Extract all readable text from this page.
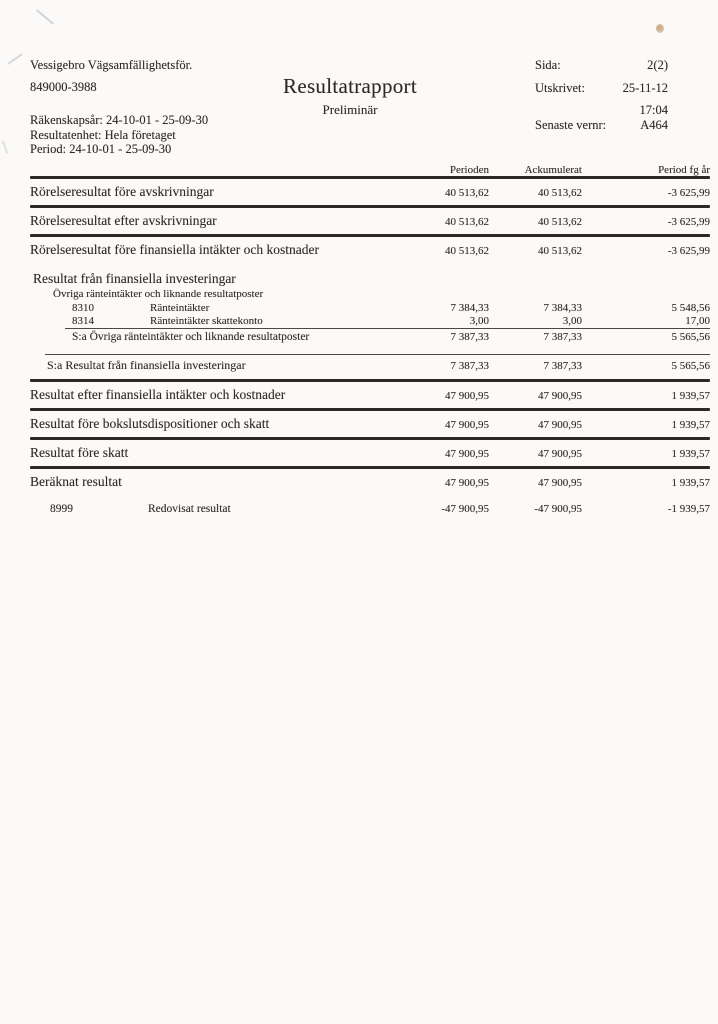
Vessigebro Vägsamfällighetsför.
849000-3988
Räkenskapsår: 24-10-01 - 25-09-30
Resultatenhet: Hela företaget
Period: 24-10-01 - 25-09-30
Resultatrapport
Preliminär
Sida:	2(2)
Utskrivet:	25-11-12
17:04
Senaste vernr:	A464
Perioden	Ackumulerat	Period fg år
Rörelseresultat före avskrivningar	40 513,62	40 513,62	-3 625,99
Rörelseresultat efter avskrivningar	40 513,62	40 513,62	-3 625,99
Rörelseresultat före finansiella intäkter och kostnader	40 513,62	40 513,62	-3 625,99
Resultat från finansiella investeringar
Övriga ränteintäkter och liknande resultatposter
8310	Ränteintäkter	7 384,33	7 384,33	5 548,56
8314	Ränteintäkter skattekonto	3,00	3,00	17,00
S:a Övriga ränteintäkter och liknande resultatposter	7 387,33	7 387,33	5 565,56
S:a Resultat från finansiella investeringar	7 387,33	7 387,33	5 565,56
Resultat efter finansiella intäkter och kostnader	47 900,95	47 900,95	1 939,57
Resultat före bokslutsdispositioner och skatt	47 900,95	47 900,95	1 939,57
Resultat före skatt	47 900,95	47 900,95	1 939,57
Beräknat resultat	47 900,95	47 900,95	1 939,57
8999	Redovisat resultat	-47 900,95	-47 900,95	-1 939,57
